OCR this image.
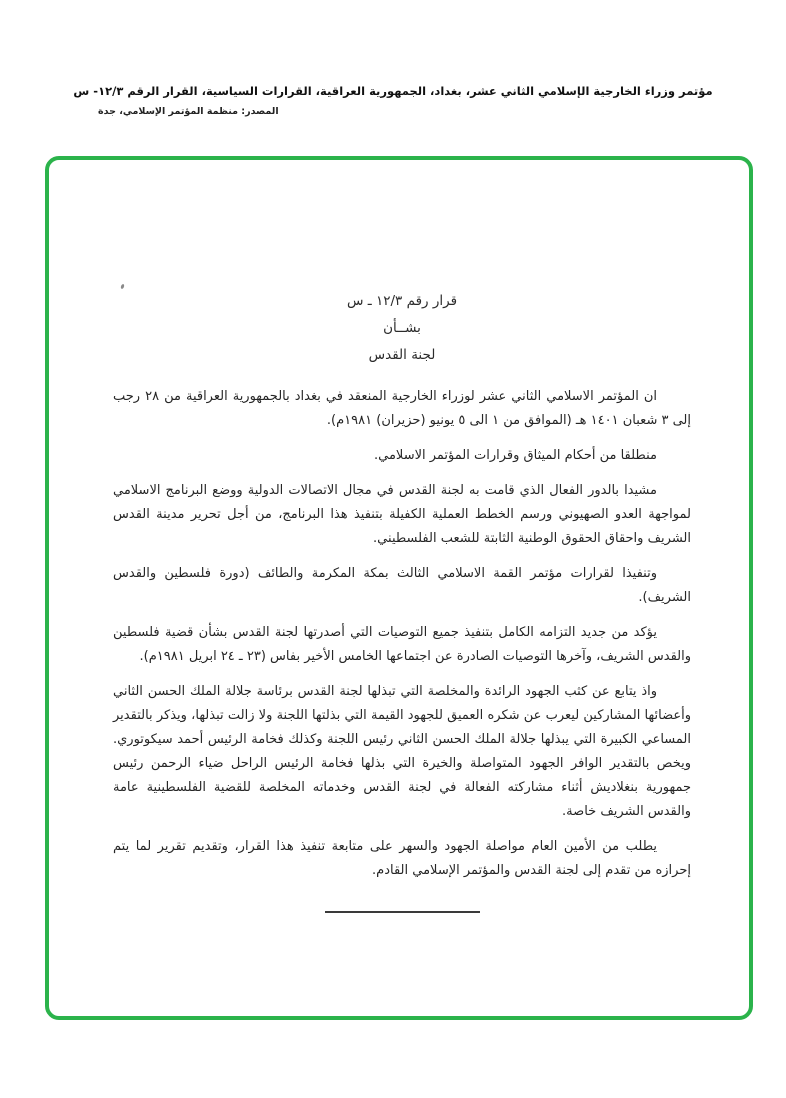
مؤتمر وزراء الخارجية الإسلامي الثاني عشر، بغداد، الجمهورية العراقية، القرارات السياسية، القرار الرقم ١٢/٣- س
المصدر: منظمة المؤتمر الإسلامي، جدة
قرار رقم ١٢/٣ ـ س
بشــأن
لجنة القدس

ان المؤتمر الاسلامي الثاني عشر لوزراء الخارجية المنعقد في بغداد بالجمهورية العراقية من ٢٨ رجب إلى ٣ شعبان ١٤٠١ هـ (الموافق من ١ الى ٥ يونيو (حزيران) ١٩٨١م).

منطلقا من أحكام الميثاق وقرارات المؤتمر الاسلامي.

مشيدا بالدور الفعال الذي قامت به لجنة القدس في مجال الاتصالات الدولية ووضع البرنامج الاسلامي لمواجهة العدو الصهيوني ورسم الخطط العملية الكفيلة بتنفيذ هذا البرنامج، من أجل تحرير مدينة القدس الشريف واحقاق الحقوق الوطنية الثابتة للشعب الفلسطيني.

وتنفيذا لقرارات مؤتمر القمة الاسلامي الثالث بمكة المكرمة والطائف (دورة فلسطين والقدس الشريف).

يؤكد من جديد التزامه الكامل بتنفيذ جميع التوصيات التي أصدرتها لجنة القدس بشأن قضية فلسطين والقدس الشريف، وآخرها التوصيات الصادرة عن اجتماعها الخامس الأخير بفاس (٢٣ ـ ٢٤ ابريل ١٩٨١م).

واذ يتابع عن كثب الجهود الرائدة والمخلصة التي تبذلها لجنة القدس برئاسة جلالة الملك الحسن الثاني وأعضائها المشاركين ليعرب عن شكره العميق للجهود القيمة التي بذلتها اللجنة ولا زالت تبذلها، ويذكر بالتقدير المساعي الكبيرة التي يبذلها جلالة الملك الحسن الثاني رئيس اللجنة وكذلك فخامة الرئيس أحمد سيكوتوري. ويخص بالتقدير الوافر الجهود المتواصلة والخيرة التي بذلها فخامة الرئيس الراحل ضياء الرحمن رئيس جمهورية بنغلاديش أثناء مشاركته الفعالة في لجنة القدس وخدماته المخلصة للقضية الفلسطينية عامة والقدس الشريف خاصة.

يطلب من الأمين العام مواصلة الجهود والسهر على متابعة تنفيذ هذا القرار، وتقديم تقرير لما يتم إحرازه من تقدم إلى لجنة القدس والمؤتمر الإسلامي القادم.
